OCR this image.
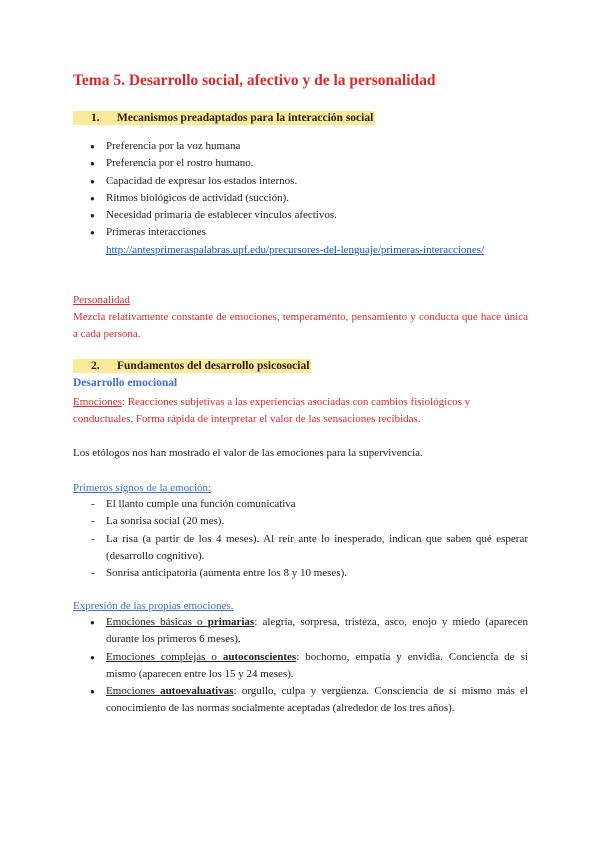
Tema 5. Desarrollo social, afectivo y de la personalidad
1. Mecanismos preadaptados para la interacción social
● Preferencia por la voz humana
● Preferencia por el rostro humano.
● Capacidad de expresar los estados internos.
● Ritmos biológicos de actividad (succión).
● Necesidad primaria de establecer vínculos afectivos.
● Primeras interacciones
http://antesprimeraspalabras.upf.edu/precursores-del-lenguaje/primeras-interacciones/

Personalidad

Mezcla relativamente constante de emociones, temperamento, pensamiento y conducta que hace única a cada persona.

2. Fundamentos del desarrollo psicosocial
Desarrollo emocional

Emociones: Reacciones subjetivas a las experiencias asociadas con cambios fisiológicos y conductuales. Forma rápida de interpretar el valor de las sensaciones recibidas.

Los etólogos nos han mostrado el valor de las emociones para la supervivencia.

Primeros signos de la emoción:

- El llanto cumple una función comunicativa
- La sonrisa social (20 mes).
- La risa (a partir de los 4 meses). Al reír ante lo inesperado, indican que saben qué esperar (desarrollo cognitivo).
- Sonrisa anticipatoria (aumenta entre los 8 y 10 meses).

Expresión de las propias emociones.

● Emociones básicas o primarias: alegría, sorpresa, tristeza, asco, enojo y miedo (aparecen durante los primeros 6 meses).
● Emociones complejas o autoconscientes: bochorno, empatía y envidia. Conciencia de sí mismo (aparecen entre los 15 y 24 meses).
● Emociones autoevaluativas: orgullo, culpa y vergüenza. Consciencia de sí mismo más el conocimiento de las normas socialmente aceptadas (alrededor de los tres años).
